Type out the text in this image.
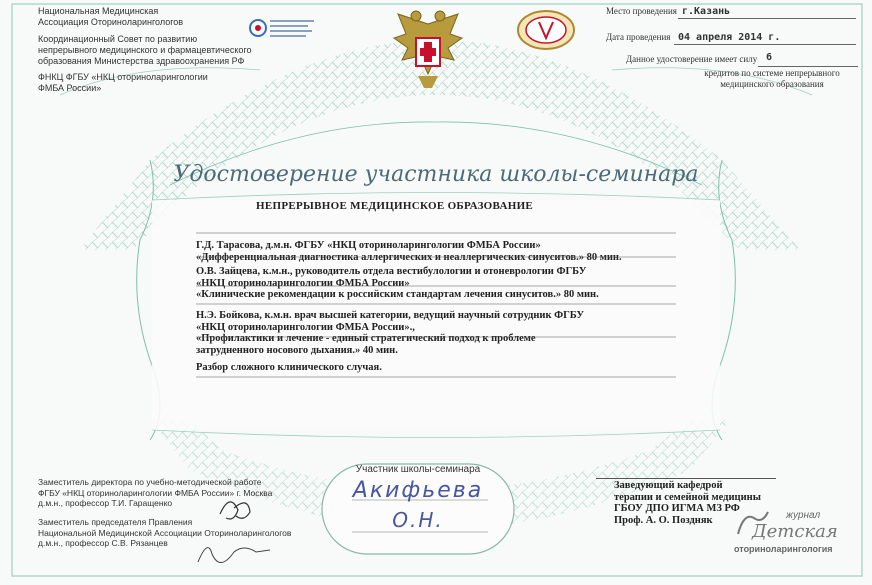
Национальная Медицинская
Ассоциация Оториноларингологов
Координационный Совет по развитию
непрерывного медицинского и фармацевтического
образования Министерства здравоохранения РФ
ФНКЦ ФГБУ «НКЦ оториноларингологии
ФМБА России»
Место проведения г.Казань
Дата проведения 04 апреля 2014 г.
Данное удостоверение имеет силу 6
кредитов по системе непрерывного
медицинского образования
Удостоверение участника школы-семинара
НЕПРЕРЫВНОЕ МЕДИЦИНСКОЕ ОБРАЗОВАНИЕ
Г.Д. Тарасова, д.м.н. ФГБУ «НКЦ оториноларингологии ФМБА России»
«Дифференциальная диагностика аллергических и неаллергических синуситов.» 80 мин.
О.В. Зайцева, к.м.н., руководитель отдела вестибулологии и отоневрологии ФГБУ
«НКЦ оториноларингологии ФМБА России»
«Клинические рекомендации к российским стандартам лечения синуситов.» 80 мин.
Н.Э. Бойкова, к.м.н. врач высшей категории, ведущий научный сотрудник ФГБУ
«НКЦ оториноларингологии ФМБА России».,
«Профилактики и лечение - единый стратегический подход к проблеме
затрудненного носового дыхания.» 40 мин.
Разбор сложного клинического случая.
Участник школы-семинара
Акифьева
О.Н.
Заместитель директора по учебно-методической работе
ФГБУ «НКЦ оториноларингологии ФМБА России» г. Москва
д.м.н., профессор Т.И. Гаращенко
Заместитель председателя Правления
Национальной Медицинской Ассоциации Оториноларингологов
д.м.н., профессор С.В. Рязанцев
Заведующий кафедрой
терапии и семейной медицины
ГБОУ ДПО ИГМА МЗ РФ
Проф. А. О. Поздняк	журнал
Детская
оториноларингология
